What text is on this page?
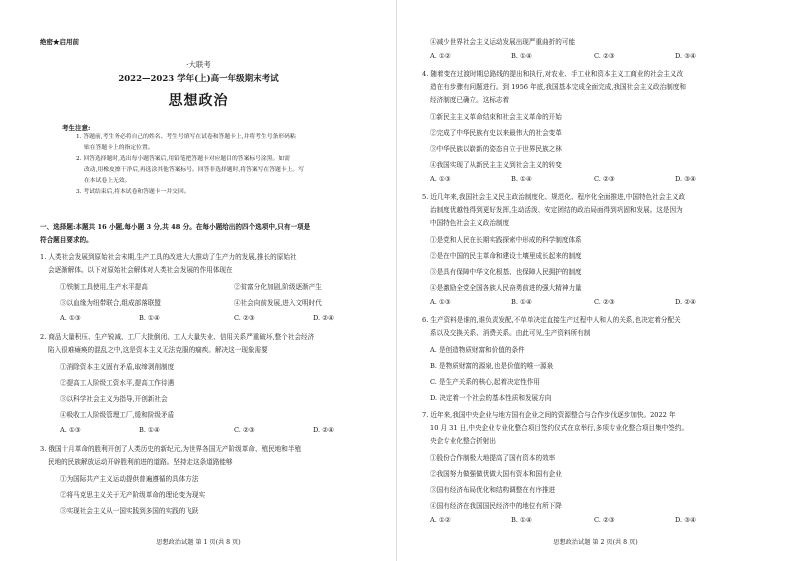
绝密★启用前
·大联考
2022—2023 学年(上)高一年级期末考试
思想政治
考生注意:
1. 答题前,考生务必将自己的姓名、考生号填写在试卷和答题卡上,并将考生号条形码粘
贴在答题卡上的指定位置。
2. 回答选择题时,选出每小题答案后,用铅笔把答题卡对应题目的答案标号涂黑。如需
改动,用橡皮擦干净后,再选涂其他答案标号。回答非选择题时,将答案写在答题卡上。写
在本试卷上无效。
3. 考试结束后,将本试卷和答题卡一并交回。
一、选择题:本题共 16 小题,每小题 3 分,共 48 分。在每小题给出的四个选项中,只有一项是
符合题目要求的。
1. 人类社会发展到原始社会末期,生产工具的改进大大推动了生产力的发展,推长的原始社
会逐渐解体。以下对原始社会解体对人类社会发展的作用体现在
①铁制工具使用,生产水平提高	②贫富分化加剧,阶级逐渐产生
③以血缘为纽带联合,组成部落联盟	④社会向前发展,进入文明时代
A. ①③	B. ①④	C. ②③	D. ②④
2. 商品大量积压、生产锐减、工厂大批倒闭、工人大量失业、信用关系严重破坏,整个社会经济
陷入很难瘫痪的混乱之中,这是资本主义无法克服的痼疾。解决这一现象需要
①消除资本主义固有矛盾,取缔剥削制度
②提高工人阶级工资水平,提高工作待遇
③以科学社会主义为指导,开创新社会
④吸收工人阶级管理工厂,缓和阶级矛盾
A. ①③	B. ①④	C. ②③	D. ②④
3. 俄国十月革命的胜利开创了人类历史的新纪元,为世界各国无产阶级革命、殖民地和半殖
民地的民族解放运动开辟胜利前进的道路。坚持走这条道路能够
①为国际共产主义运动提供普遍遵循的具体方法
②将马克思主义关于无产阶级革命的理论变为现实
③实现社会主义从一国实践到多国的实践的飞跃
思想政治试题 第 1 页(共 8 页)
④减少世界社会主义运动发展出现严重曲折的可能
A. ①②	B. ①④	C. ②③	D. ③④
4. 随着变在过渡时期总路线的提出和执行,对农业、手工业和资本主义工商业的社会主义改
造在有步骤有问题进行。到 1956 年底,我国基本完成全面完成,我国社会主义政治制度和
经济制度已确立。这标志着
①新民主主义革命结束和社会主义革命的开始
②完成了中华民族有史以来最伟大的社会变革
③中华民族以崭新的姿态自立于世界民族之林
④我国实现了从新民主主义到社会主义的转变
A. ①③	B. ①④	C. ②③	D. ③④
5. 近几年来,我国社会主义民主政治制度化、规范化、程序化全面推进,中国特色社会主义政
治制度优越性得到更好发挥,生动活泼、安定团结的政治局面得到巩固和发展。这是因为
中国特色社会主义政治制度
①是党和人民在长期实践探索中形成的科学制度体系
②是在中国的民主革命和建设土壤里成长起来的制度
③是具有保障中华文化根基、也保障人民拥护的制度
④是激励全党全国各族人民奋勇前进的强大精神力量
A. ①③	B. ①④	C. ②③	D. ②④
6. 生产资料是谁的,谁负责发配,不单单决定直接生产过程中人和人的关系,也决定着分配关
系以及交换关系、消费关系。由此可见,生产资料所有制
A. 是创造物质财富和价值的条件
B. 是物质财富的源泉,也是价值的唯一源泉
C. 是生产关系的核心,起着决定性作用
D. 决定着一个社会的基本性质和发展方向
7. 近年来,我国中央企业与地方国有企业之间的资源整合与合作步伐逐步加快。2022 年
10 月 31 日,中央企业专业化整合项目签约仪式在京举行,多项专业化整合项目集中签约。
央企专业化整合折射出
①股份合作制极大地提高了国有资本的效率
②我国努力做强做优做大国有资本和国有企业
③国有经济布局优化和结构调整在有序推进
④国有经济在我国国民经济中的地位有所下降
A. ①②	B. ①④	C. ②③	D. ③④
思想政治试题 第 2 页(共 8 页)
